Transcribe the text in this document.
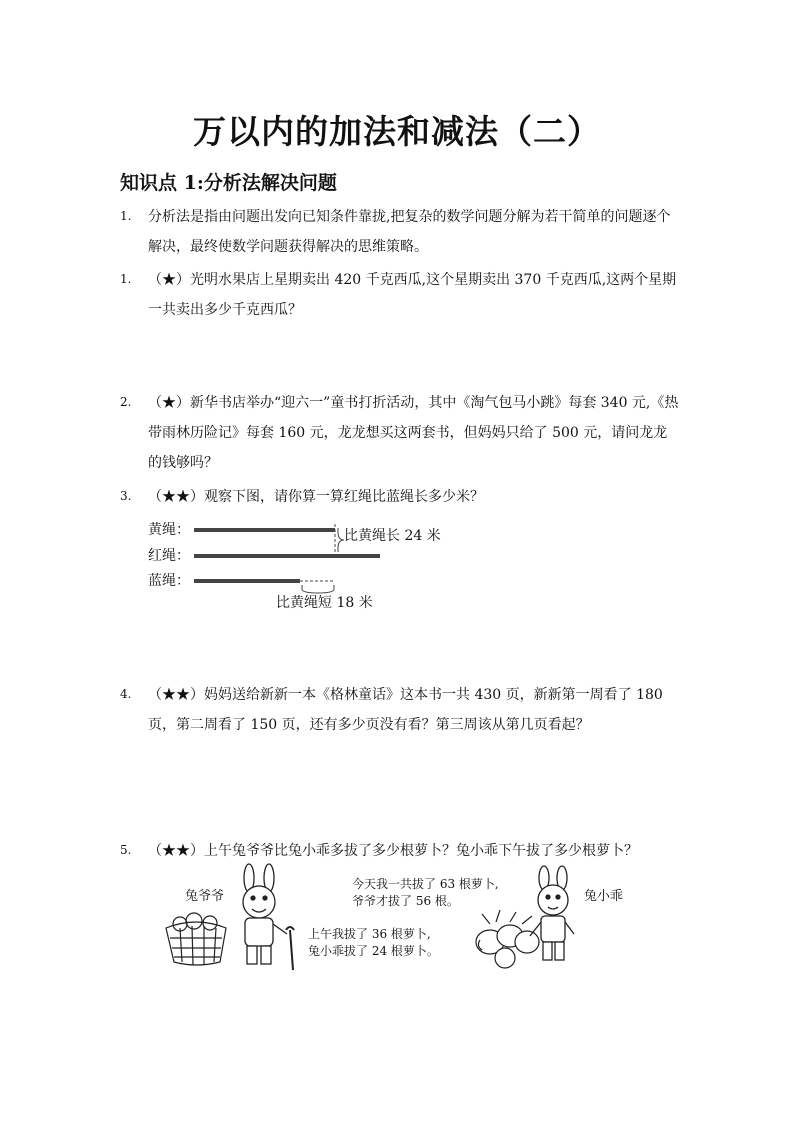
万以内的加法和减法（二）
知识点 1:分析法解决问题
1. 分析法是指由问题出发向已知条件靠拢,把复杂的数学问题分解为若干简单的问题逐个解决，最终使数学问题获得解决的思维策略。
1. （★）光明水果店上星期卖出 420 千克西瓜,这个星期卖出 370 千克西瓜,这两个星期一共卖出多少千克西瓜？
2. （★）新华书店举办“迎六一”童书打折活动，其中《淘气包马小跳》每套 340 元,《热带雨林历险记》每套 160 元，龙龙想买这两套书，但妈妈只给了 500 元，请问龙龙的钱够吗？
3. （★★）观察下图，请你算一算红绳比蓝绳长多少米？
黄绳：
红绳：
蓝绳：
比黄绳长 24 米
比黄绳短 18 米
4. （★★）妈妈送给新新一本《格林童话》这本书一共 430 页，新新第一周看了 180 页，第二周看了 150 页，还有多少页没有看？第三周该从第几页看起？
5. （★★）上午兔爷爷比兔小乖多拔了多少根萝卜？兔小乖下午拔了多少根萝卜？
兔爷爷	兔小乖
今天我一共拔了 63 根萝卜,
爷爷才拔了 56 根。
上午我拔了 36 根萝卜,
兔小乖拔了 24 根萝卜。
